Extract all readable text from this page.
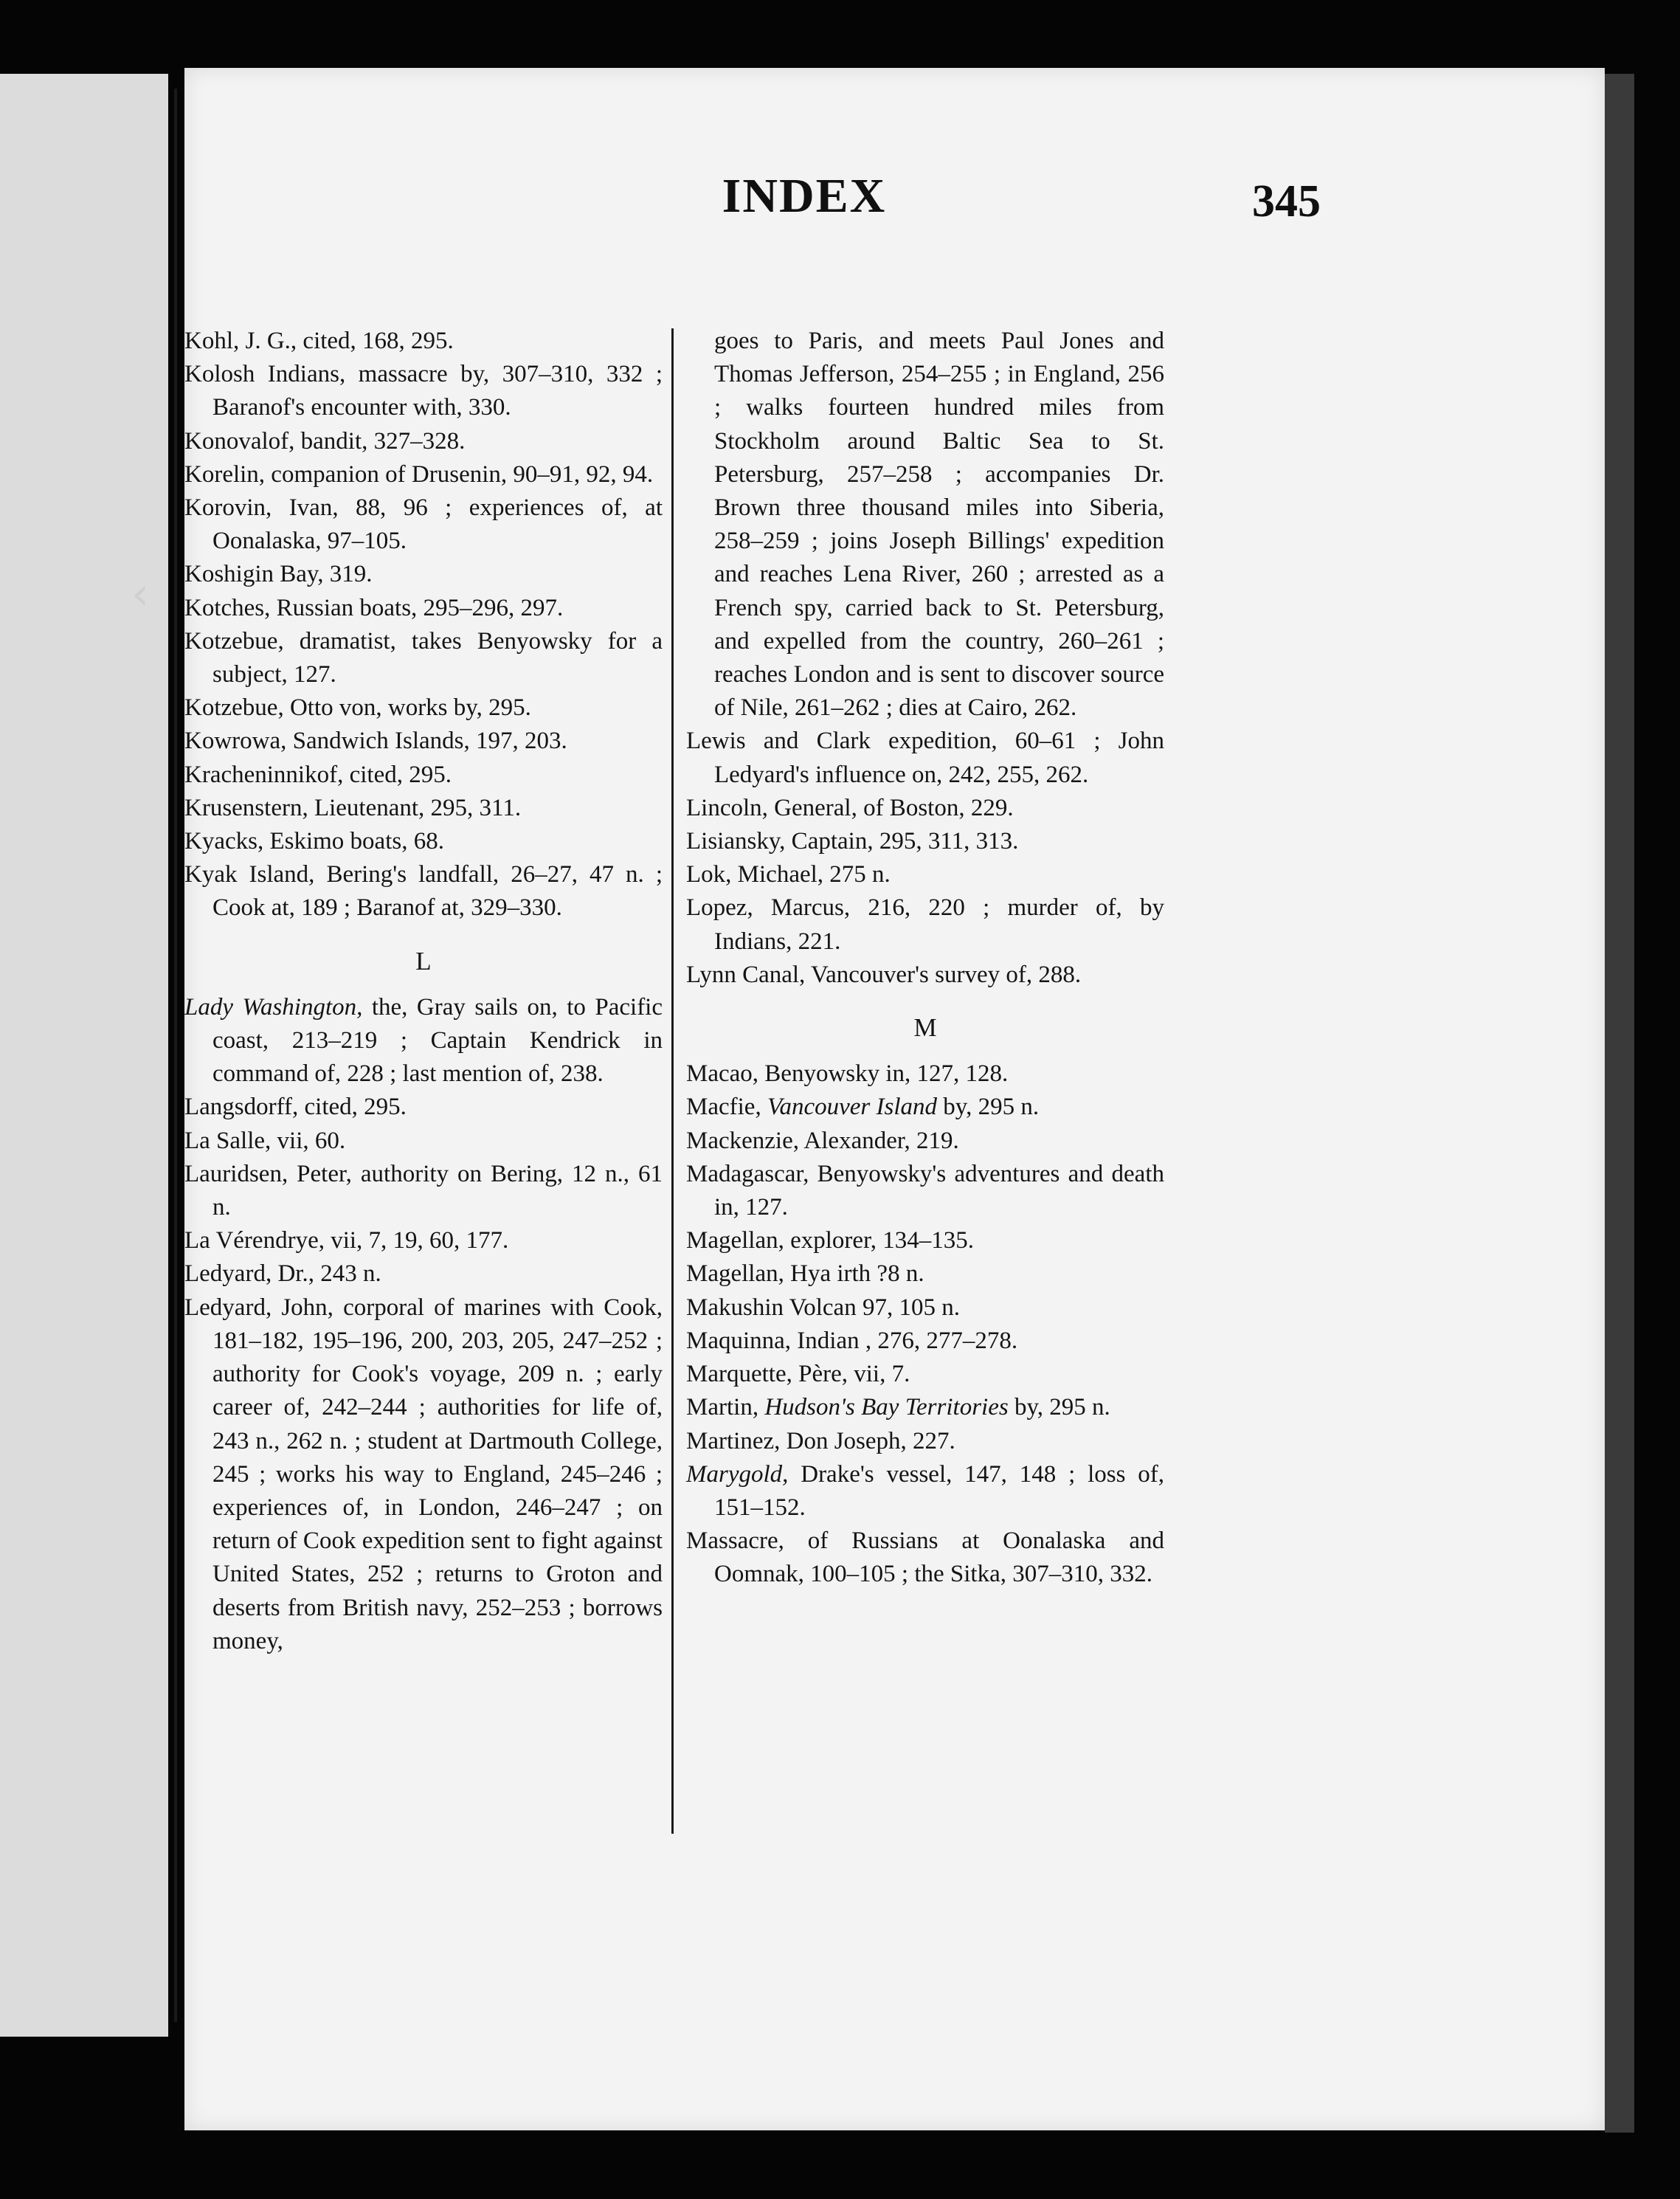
‹
INDEX	345

Kohl, J. G., cited, 168, 295.

Kolosh Indians, massacre by, 307–310, 332 ; Baranof's encounter with, 330.

Konovalof, bandit, 327–328.

Korelin, companion of Drusenin, 90–91, 92, 94.

Korovin, Ivan, 88, 96 ; experiences of, at Oonalaska, 97–105.

Koshigin Bay, 319.

Kotches, Russian boats, 295–296, 297.

Kotzebue, dramatist, takes Benyowsky for a subject, 127.

Kotzebue, Otto von, works by, 295.

Kowrowa, Sandwich Islands, 197, 203.

Kracheninnikof, cited, 295.

Krusenstern, Lieutenant, 295, 311.

Kyacks, Eskimo boats, 68.

Kyak Island, Bering's landfall, 26–27, 47 n. ; Cook at, 189 ; Baranof at, 329–330.

L

Lady Washington, the, Gray sails on, to Pacific coast, 213–219 ; Captain Kendrick in command of, 228 ; last mention of, 238.

Langsdorff, cited, 295.

La Salle, vii, 60.

Lauridsen, Peter, authority on Bering, 12 n., 61 n.

La Vérendrye, vii, 7, 19, 60, 177.

Ledyard, Dr., 243 n.

Ledyard, John, corporal of marines with Cook, 181–182, 195–196, 200, 203, 205, 247–252 ; authority for Cook's voyage, 209 n. ; early career of, 242–244 ; authorities for life of, 243 n., 262 n. ; student at Dartmouth College, 245 ; works his way to England, 245–246 ; experiences of, in London, 246–247 ; on return of Cook expedition sent to fight against United States, 252 ; returns to Groton and deserts from British navy, 252–253 ; borrows money,

goes to Paris, and meets Paul Jones and Thomas Jefferson, 254–255 ; in England, 256 ; walks fourteen hundred miles from Stockholm around Baltic Sea to St. Petersburg, 257–258 ; accompanies Dr. Brown three thousand miles into Siberia, 258–259 ; joins Joseph Billings' expedition and reaches Lena River, 260 ; arrested as a French spy, carried back to St. Petersburg, and expelled from the country, 260–261 ; reaches London and is sent to discover source of Nile, 261–262 ; dies at Cairo, 262.

Lewis and Clark expedition, 60–61 ; John Ledyard's influence on, 242, 255, 262.

Lincoln, General, of Boston, 229.

Lisiansky, Captain, 295, 311, 313.

Lok, Michael, 275 n.

Lopez, Marcus, 216, 220 ; murder of, by Indians, 221.

Lynn Canal, Vancouver's survey of, 288.

M

Macao, Benyowsky in, 127, 128.

Macfie, Vancouver Island by, 295 n.

Mackenzie, Alexander, 219.

Madagascar, Benyowsky's adventures and death in, 127.

Magellan, explorer, 134–135.

Magellan, Hya irth ?8 n.

Makushin Volcan 97, 105 n.

Maquinna, Indian , 276, 277–278.

Marquette, Père, vii, 7.

Martin, Hudson's Bay Territories by, 295 n.

Martinez, Don Joseph, 227.

Marygold, Drake's vessel, 147, 148 ; loss of, 151–152.

Massacre, of Russians at Oonalaska and Oomnak, 100–105 ; the Sitka, 307–310, 332.
